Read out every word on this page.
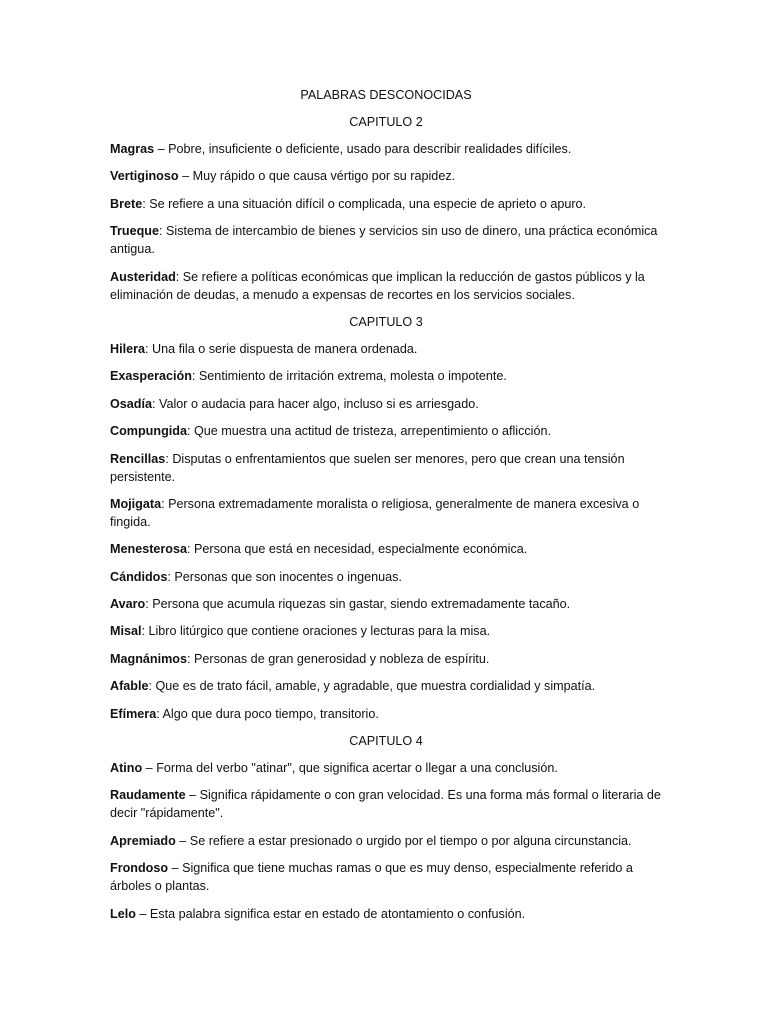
PALABRAS DESCONOCIDAS
CAPITULO 2
Magras – Pobre, insuficiente o deficiente, usado para describir realidades difíciles.
Vertiginoso – Muy rápido o que causa vértigo por su rapidez.
Brete: Se refiere a una situación difícil o complicada, una especie de aprieto o apuro.
Trueque: Sistema de intercambio de bienes y servicios sin uso de dinero, una práctica económica antigua.
Austeridad: Se refiere a políticas económicas que implican la reducción de gastos públicos y la eliminación de deudas, a menudo a expensas de recortes en los servicios sociales.
CAPITULO 3
Hilera: Una fila o serie dispuesta de manera ordenada.
Exasperación: Sentimiento de irritación extrema, molesta o impotente.
Osadía: Valor o audacia para hacer algo, incluso si es arriesgado.
Compungida: Que muestra una actitud de tristeza, arrepentimiento o aflicción.
Rencillas: Disputas o enfrentamientos que suelen ser menores, pero que crean una tensión persistente.
Mojigata: Persona extremadamente moralista o religiosa, generalmente de manera excesiva o fingida.
Menesterosa: Persona que está en necesidad, especialmente económica.
Cándidos: Personas que son inocentes o ingenuas.
Avaro: Persona que acumula riquezas sin gastar, siendo extremadamente tacaño.
Misal: Libro litúrgico que contiene oraciones y lecturas para la misa.
Magnánimos: Personas de gran generosidad y nobleza de espíritu.
Afable: Que es de trato fácil, amable, y agradable, que muestra cordialidad y simpatía.
Efímera: Algo que dura poco tiempo, transitorio.
CAPITULO 4
Atino – Forma del verbo "atinar", que significa acertar o llegar a una conclusión.
Raudamente – Significa rápidamente o con gran velocidad. Es una forma más formal o literaria de decir "rápidamente".
Apremiado – Se refiere a estar presionado o urgido por el tiempo o por alguna circunstancia.
Frondoso – Significa que tiene muchas ramas o que es muy denso, especialmente referido a árboles o plantas.
Lelo – Esta palabra significa estar en estado de atontamiento o confusión.
